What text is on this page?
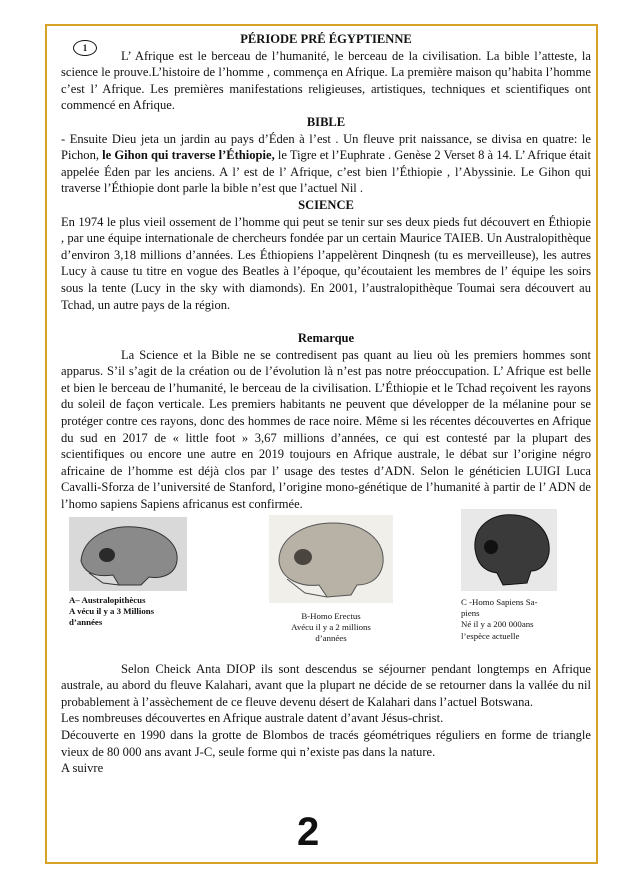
1

PÉRIODE PRÉ ÉGYPTIENNE

L’ Afrique est le berceau de l’humanité, le berceau de la civilisation. La bible l’atteste, la science le prouve.L’histoire de l’homme , commença en Afrique. La première maison qu’habita l’homme c’est l’ Afrique. Les premières manifestations religieuses, artistiques, techniques et scientifiques ont commencé en Afrique.

BIBLE

- Ensuite Dieu jeta un jardin au pays d’Éden à l’est . Un fleuve prit naissance, se divisa en quatre: le Pichon, le Gihon qui traverse l’Éthiopie, le Tigre et l’Euphrate . Genèse 2 Verset 8 à 14. L’ Afrique était appelée Éden par les anciens. A l’ est de l’ Afrique, c’est bien l’Éthiopie , l’Abyssinie. Le Gihon qui traverse l’Éthiopie dont parle la bible n’est que l’actuel Nil .

SCIENCE

En 1974 le plus vieil ossement de l’homme qui peut se tenir sur ses deux pieds fut découvert en Éthiopie , par une équipe internationale de chercheurs fondée par un certain Maurice TAIEB. Un Australopithèque d’environ 3,18 millions d’années. Les Éthiopiens l’appelèrent Dinqnesh (tu es merveilleuse), les autres Lucy à cause tu titre en vogue des Beatles à l’époque, qu’écoutaient les membres de l’ équipe les soirs sous la tente (Lucy in the sky with diamonds). En 2001, l’australopithèque Toumai sera découvert au Tchad, un autre pays de la région.

Remarque

La Science et la Bible ne se contredisent pas quant au lieu où les premiers hommes sont apparus. S’il s’agit de la création ou de l’évolution là n’est pas notre préoccupation. L’ Afrique est belle et bien le berceau de l’humanité, le berceau de la civilisation. L’Éthiopie et le Tchad reçoivent les rayons du soleil de façon verticale. Les premiers habitants ne peuvent que développer de la mélanine pour se protéger contre ces rayons, donc des hommes de race noire. Même si les récentes découvertes en Afrique du sud en 2017 de « little foot » 3,67 millions d’années, ce qui est contesté par la plupart des scientifiques ou encore une autre en 2019 toujours en Afrique australe, le débat sur l’origine négro africaine de l’homme est déjà clos par l’ usage des testes d’ADN. Selon le généticien LUIGI Luca Cavalli-Sforza de l’université de Stanford, l’origine mono-génétique de l’humanité à partir de l’ ADN de l’homo sapiens Sapiens africanus est confirmée.

A– Australopithècus
A vécu il y a 3 Millions
d’années
B-Homo Erectus
Avécu il y a 2 millions
d’années
C -Homo Sapiens Sa-
piens
Né il y a 200 000ans
l’espèce actuelle

Selon Cheick Anta DIOP ils sont descendus se séjourner pendant longtemps en Afrique australe, au abord du fleuve Kalahari, avant que la plupart ne décide de se retourner dans la vallée du nil probablement à l’assèchement de ce fleuve devenu désert de Kalahari dans l’actuel Botswana.

Les nombreuses découvertes en Afrique australe datent d’avant Jésus-christ.

Découverte en 1990 dans la grotte de Blombos de tracés géométriques réguliers en forme de triangle vieux de 80 000 ans avant J-C, seule forme qui n’existe pas dans la nature.

A suivre

2
